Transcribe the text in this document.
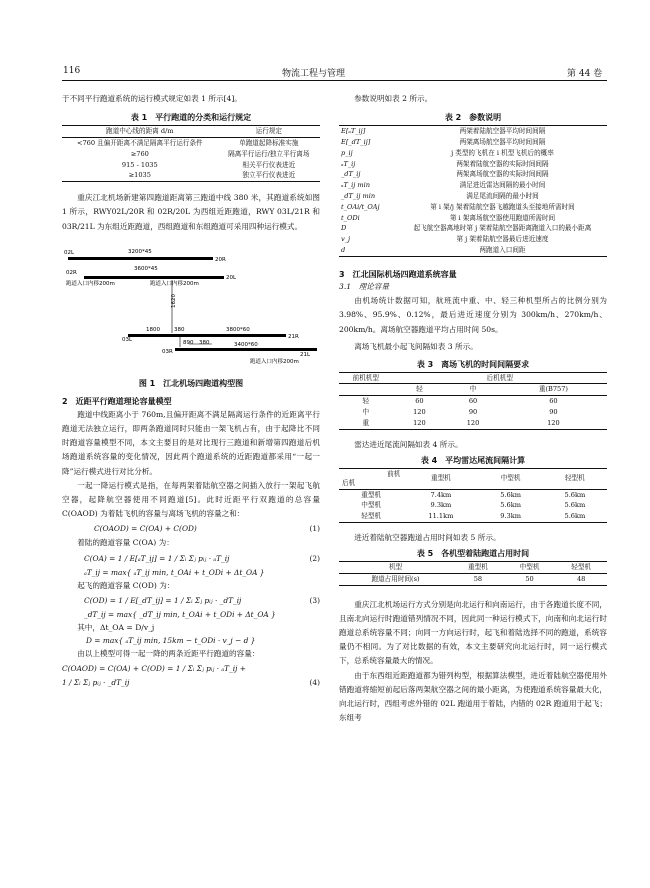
116	物流工程与管理	第 44 卷

于不同平行跑道系统的运行模式规定如表 1 所示[4]。

表 1　平行跑道的分类和运行规定
跑道中心线的距离 d/m	运行规定
<760 且偏开距离不满足隔离平行运行条件	单跑道起降标准实施
≥760	隔离平行运行/独立平行离场
915 - 1035	相关平行仪表进近
≥1035	独立平行仪表进近

重庆江北机场新建第四跑道距离第三跑道中线 380 米，其跑道系统如图 1 所示，RWY02L/20R 和 02R/20L 为西组近距跑道，RWY 03L/21R 和 03R/21L 为东组近距跑道，西组跑道和东组跑道可采用四种运行模式。

02L
20R
3200*45
02R
20L
3600*45
跑道入口内移200m	跑道入口内移200m
1620
1800	380	3800*60
21R
03L	890 380
03R
3400*60
21L
跑道入口内移200m
图 1　江北机场四跑道构型图
2　近距平行跑道理论容量模型

跑道中线距离小于 760m,且偏开距离不满足隔离运行条件的近距离平行跑道无法独立运行，即两条跑道同时只能由一架飞机占有，由于起降比不同时跑道容量模型不同，本文主要目的是对比现行三跑道和新增第四跑道后机场跑道系统容量的变化情况，因此两个跑道系统的近距跑道都采用“一起一降”运行模式进行对比分析。

一起一降运行模式是指，在每两架着陆航空器之间插入放行一架起飞航空器，起降航空器使用不同跑道[5]。此时近距平行双跑道的总容量 C(OAOD) 为着陆飞机的容量与离场飞机的容量之和：

C(OAOD) = C(OA) + C(OD)	(1)

着陆的跑道容量 C(OA) 为：

C(OA) = 1 / E[ₐT_ij] = 1 / Σᵢ Σⱼ pᵢⱼ · ₐT_ij	(2)
ₐT_ij = max{ ₐT_ij min, t_OAi + t_ODi + Δt_OA }

起飞的跑道容量 C(OD) 为：

C(OD) = 1 / E[_dT_ij] = 1 / Σᵢ Σⱼ pᵢⱼ · _dT_ij	(3)
_dT_ij = max{ _dT_ij min, t_OAi + t_ODi + Δt_OA }

其中，Δt_OA = D/v_j

D = max{ ₐT_ij min, 15km − t_ODi · v_j − d }

由以上模型可得一起一降的两条近距平行跑道的容量：

C(OAOD) = C(OA) + C(OD) = 1 / Σᵢ Σⱼ pᵢⱼ · ₐT_ij +
1 / Σᵢ Σⱼ pᵢⱼ · _dT_ij	(4)

参数说明如表 2 所示。

表 2　参数说明
E[ₐT_ij]	两架着陆航空器平均时间间隔
E[_dT_ij]	两架离场航空器平均时间间隔
p_ij	j 类型的飞机在 i 机型飞机后的概率
ₐT_ij	两架着陆航空器的实际时间间隔
_dT_ij	两架离场航空器的实际时间间隔
ₐT_ij min	满足进近雷达间隔的最小时间
_dT_ij min	满足尾流间隔的最小时间
t_OAi/t_OAj	第 i 架/j 架着陆航空器飞越跑道头至接地所需时间
t_ODi	第 i 架离场航空器使用跑道所需时间
D	起飞航空器离地时第 j 架着陆航空器距离跑道入口的最小距离
v_j	第 j 架着陆航空器最后进近速度
d	两跑道入口间距
3　江北国际机场四跑道系统容量
3.1　理论容量

由机场统计数据可知，航班流中重、中、轻三种机型所占的比例分别为 3.98%、95.9%、0.12%，最后进近速度分别为 300km/h、270km/h、200km/h。离场航空器跑道平均占用时间 50s。

离场飞机最小起飞间隔如表 3 所示。

表 3　离场飞机的时间间隔要求
前机机型	后机机型		
	轻	中	重(B757)
轻	60	60	60
中	120	90	90
重	120	120	120

雷达进近尾流间隔如表 4 所示。

表 4　平均雷达尾流间隔计算
前机
后机	重型机	中型机	轻型机
重型机	7.4km	5.6km	5.6km
中型机	9.3km	5.6km	5.6km
轻型机	11.1km	9.3km	5.6km

进近着陆航空器跑道占用时间如表 5 所示。

表 5　各机型着陆跑道占用时间
机型	重型机	中型机	轻型机
跑道占用时间(s)	58	50	48

重庆江北机场运行方式分别是向北运行和向南运行，由于各跑道长度不同，且南北向运行时跑道错列情况不同，因此同一种运行模式下，向南和向北运行时跑道总系统容量不同；向同一方向运行时，起飞和着陆选择不同的跑道，系统容量仍不相同。为了对比数据的有效，本文主要研究向北运行时，同一运行模式下，总系统容量最大的情况。

由于东西组近距跑道都为错列构型，根据算法模型，进近着陆航空器使用外错跑道将缩短前起后落两架航空器之间的最小距离，为使跑道系统容量最大化，向北运行时，西组考虑外错的 02L 跑道用于着陆，内错的 02R 跑道用于起飞；东组考
